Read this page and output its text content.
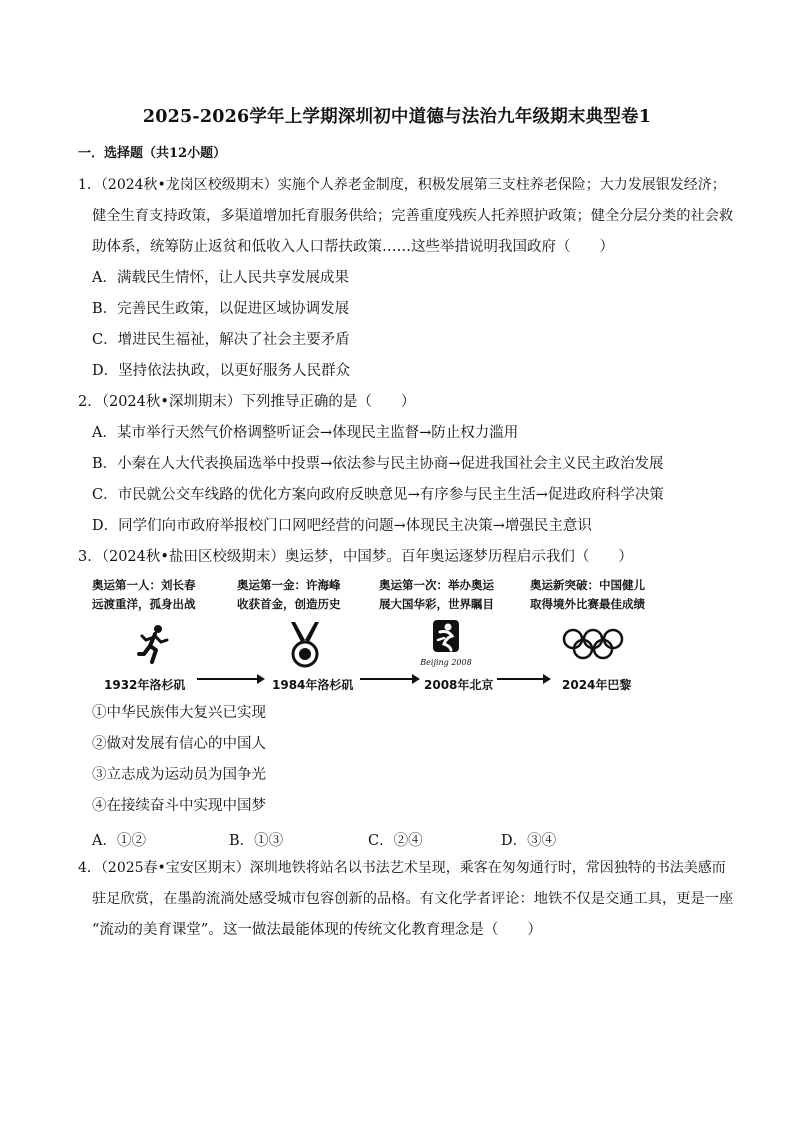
2025-2026学年上学期深圳初中道德与法治九年级期末典型卷1
一．选择题（共12小题）
1．（2024秋•龙岗区校级期末）实施个人养老金制度，积极发展第三支柱养老保险；大力发展银发经济；
健全生育支持政策，多渠道增加托育服务供给；完善重度残疾人托养照护政策；健全分层分类的社会救
助体系，统筹防止返贫和低收入人口帮扶政策……这些举措说明我国政府（　　）
A．满载民生情怀，让人民共享发展成果
B．完善民生政策，以促进区域协调发展
C．增进民生福祉，解决了社会主要矛盾
D．坚持依法执政，以更好服务人民群众
2．（2024秋•深圳期末）下列推导正确的是（　　）
A．某市举行天然气价格调整听证会→体现民主监督→防止权力滥用
B．小秦在人大代表换届选举中投票→依法参与民主协商→促进我国社会主义民主政治发展
C．市民就公交车线路的优化方案向政府反映意见→有序参与民主生活→促进政府科学决策
D．同学们向市政府举报校门口网吧经营的问题→体现民主决策→增强民主意识
3．（2024秋•盐田区校级期末）奥运梦，中国梦。百年奥运逐梦历程启示我们（　　）
奥运第一人：刘长春
远渡重洋，孤身出战
奥运第一金：许海峰
收获首金，创造历史
奥运第一次：举办奥运
展大国华彩，世界瞩目
奥运新突破：中国健儿
取得境外比赛最佳成绩
Beijing 2008
1932年洛杉矶	1984年洛杉矶	2008年北京	2024年巴黎
①中华民族伟大复兴已实现
②做对发展有信心的中国人
③立志成为运动员为国争光
④在接续奋斗中实现中国梦
A．①②	B．①③	C．②④	D．③④
4．（2025春•宝安区期末）深圳地铁将站名以书法艺术呈现，乘客在匆匆通行时，常因独特的书法美感而
驻足欣赏，在墨韵流淌处感受城市包容创新的品格。有文化学者评论：地铁不仅是交通工具，更是一座
“流动的美育课堂”。这一做法最能体现的传统文化教育理念是（　　）
